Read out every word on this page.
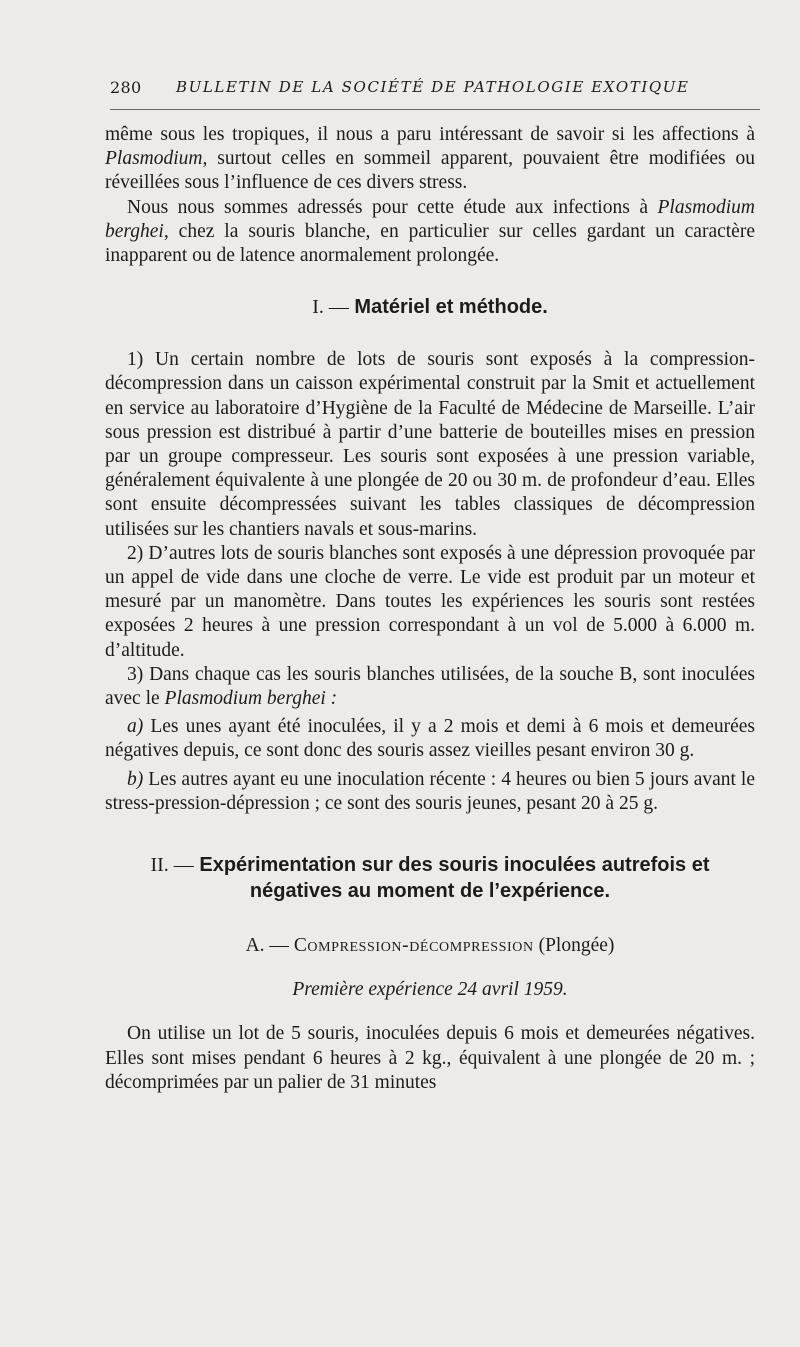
280 BULLETIN DE LA SOCIÉTÉ DE PATHOLOGIE EXOTIQUE

même sous les tropiques, il nous a paru intéressant de savoir si les affections à Plasmodium, surtout celles en sommeil apparent, pouvaient être modifiées ou réveillées sous l’influence de ces divers stress.

Nous nous sommes adressés pour cette étude aux infections à Plasmodium berghei, chez la souris blanche, en particulier sur celles gardant un caractère inapparent ou de latence anormalement prolongée.

I. — Matériel et méthode.

1) Un certain nombre de lots de souris sont exposés à la compression-décompression dans un caisson expérimental construit par la Smit et actuellement en service au laboratoire d’Hygiène de la Faculté de Médecine de Marseille. L’air sous pression est distribué à partir d’une batterie de bouteilles mises en pression par un groupe compresseur. Les souris sont exposées à une pression variable, généralement équivalente à une plongée de 20 ou 30 m. de profondeur d’eau. Elles sont ensuite décompressées suivant les tables classiques de décompression utilisées sur les chantiers navals et sous-marins.

2) D’autres lots de souris blanches sont exposés à une dépression provoquée par un appel de vide dans une cloche de verre. Le vide est produit par un moteur et mesuré par un manomètre. Dans toutes les expériences les souris sont restées exposées 2 heures à une pression correspondant à un vol de 5.000 à 6.000 m. d’altitude.

3) Dans chaque cas les souris blanches utilisées, de la souche B, sont inoculées avec le Plasmodium berghei :

a) Les unes ayant été inoculées, il y a 2 mois et demi à 6 mois et demeurées négatives depuis, ce sont donc des souris assez vieilles pesant environ 30 g.

b) Les autres ayant eu une inoculation récente : 4 heures ou bien 5 jours avant le stress-pression-dépression ; ce sont des souris jeunes, pesant 20 à 25 g.

II. — Expérimentation sur des souris inoculées autrefois et négatives au moment de l’expérience.
A. — Compression-décompression (Plongée)
Première expérience 24 avril 1959.

On utilise un lot de 5 souris, inoculées depuis 6 mois et demeurées négatives. Elles sont mises pendant 6 heures à 2 kg., équivalent à une plongée de 20 m. ; décomprimées par un palier de 31 minutes
